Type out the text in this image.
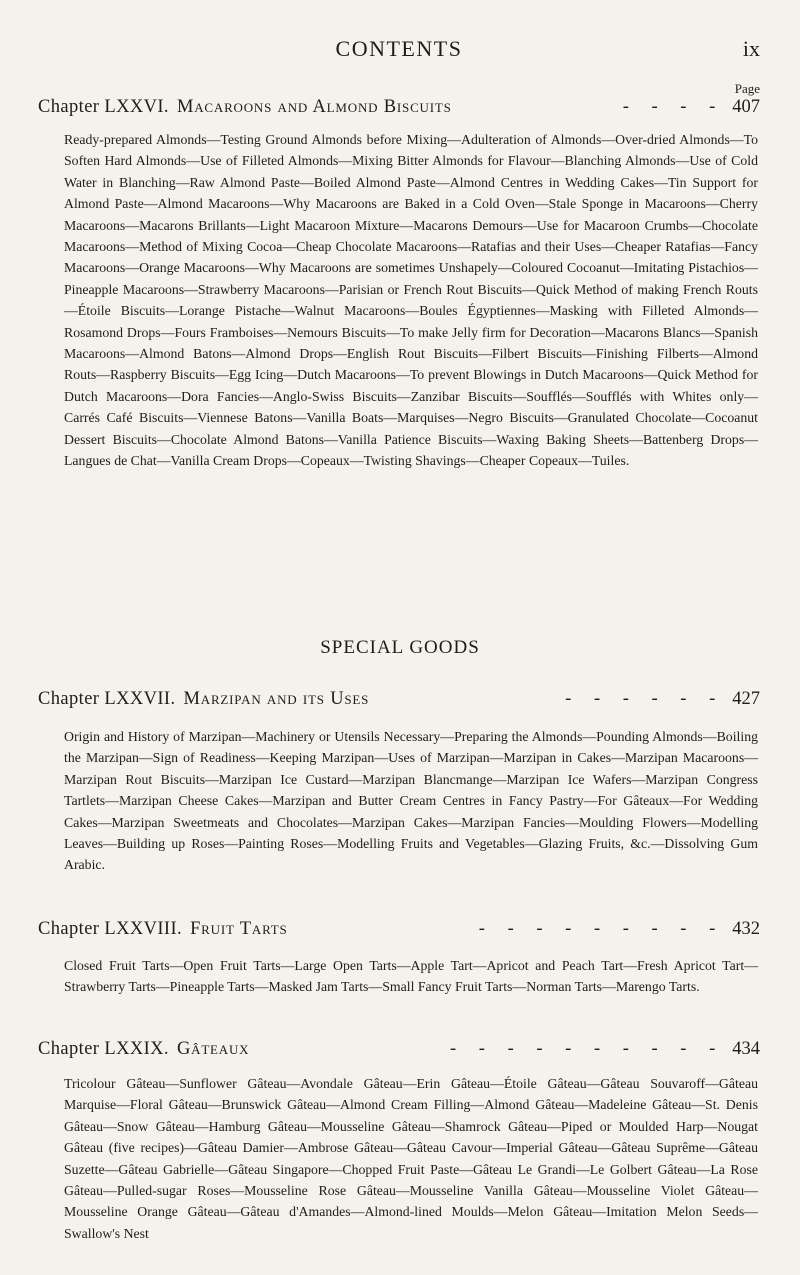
CONTENTS	ix
Page
Chapter LXXVI. Macaroons and Almond Biscuits	- - - - 407

Ready-prepared Almonds—Testing Ground Almonds before Mixing—Adulteration of Almonds—Over-dried Almonds—To Soften Hard Almonds—Use of Filleted Almonds—Mixing Bitter Almonds for Flavour—Blanching Almonds—Use of Cold Water in Blanching—Raw Almond Paste—Boiled Almond Paste—Almond Centres in Wedding Cakes—Tin Support for Almond Paste—Almond Macaroons—Why Macaroons are Baked in a Cold Oven—Stale Sponge in Macaroons—Cherry Macaroons—Macarons Brillants—Light Macaroon Mixture—Macarons Demours—Use for Macaroon Crumbs—Chocolate Macaroons—Method of Mixing Cocoa—Cheap Chocolate Macaroons—Ratafias and their Uses—Cheaper Ratafias—Fancy Macaroons—Orange Macaroons—Why Macaroons are sometimes Unshapely—Coloured Cocoanut—Imitating Pistachios—Pineapple Macaroons—Strawberry Macaroons—Parisian or French Rout Biscuits—Quick Method of making French Routs—Étoile Biscuits—Lorange Pistache—Walnut Macaroons—Boules Égyptiennes—Masking with Filleted Almonds—Rosamond Drops—Fours Framboises—Nemours Biscuits—To make Jelly firm for Decoration—Macarons Blancs—Spanish Macaroons—Almond Batons—Almond Drops—English Rout Biscuits—Filbert Biscuits—Finishing Filberts—Almond Routs—Raspberry Biscuits—Egg Icing—Dutch Macaroons—To prevent Blowings in Dutch Macaroons—Quick Method for Dutch Macaroons—Dora Fancies—Anglo-Swiss Biscuits—Zanzibar Biscuits—Soufflés—Soufflés with Whites only—Carrés Café Biscuits—Viennese Batons—Vanilla Boats—Marquises—Negro Biscuits—Granulated Chocolate—Cocoanut Dessert Biscuits—Chocolate Almond Batons—Vanilla Patience Biscuits—Waxing Baking Sheets—Battenberg Drops—Langues de Chat—Vanilla Cream Drops—Copeaux—Twisting Shavings—Cheaper Copeaux—Tuiles.

SPECIAL GOODS
Chapter LXXVII. Marzipan and its Uses	- - - - - - 427

Origin and History of Marzipan—Machinery or Utensils Necessary—Preparing the Almonds—Pounding Almonds—Boiling the Marzipan—Sign of Readiness—Keeping Marzipan—Uses of Marzipan—Marzipan in Cakes—Marzipan Macaroons—Marzipan Rout Biscuits—Marzipan Ice Custard—Marzipan Blancmange—Marzipan Ice Wafers—Marzipan Congress Tartlets—Marzipan Cheese Cakes—Marzipan and Butter Cream Centres in Fancy Pastry—For Gâteaux—For Wedding Cakes—Marzipan Sweetmeats and Chocolates—Marzipan Cakes—Marzipan Fancies—Moulding Flowers—Modelling Leaves—Building up Roses—Painting Roses—Modelling Fruits and Vegetables—Glazing Fruits, &c.—Dissolving Gum Arabic.

Chapter LXXVIII. Fruit Tarts	- - - - - - - - - 432

Closed Fruit Tarts—Open Fruit Tarts—Large Open Tarts—Apple Tart—Apricot and Peach Tart—Fresh Apricot Tart—Strawberry Tarts—Pineapple Tarts—Masked Jam Tarts—Small Fancy Fruit Tarts—Norman Tarts—Marengo Tarts.

Chapter LXXIX. Gâteaux	- - - - - - - - - - 434

Tricolour Gâteau—Sunflower Gâteau—Avondale Gâteau—Erin Gâteau—Étoile Gâteau—Gâteau Souvaroff—Gâteau Marquise—Floral Gâteau—Brunswick Gâteau—Almond Cream Filling—Almond Gâteau—Madeleine Gâteau—St. Denis Gâteau—Snow Gâteau—Hamburg Gâteau—Mousseline Gâteau—Shamrock Gâteau—Piped or Moulded Harp—Nougat Gâteau (five recipes)—Gâteau Damier—Ambrose Gâteau—Gâteau Cavour—Imperial Gâteau—Gâteau Suprême—Gâteau Suzette—Gâteau Gabrielle—Gâteau Singapore—Chopped Fruit Paste—Gâteau Le Grandi—Le Golbert Gâteau—La Rose Gâteau—Pulled-sugar Roses—Mousseline Rose Gâteau—Mousseline Vanilla Gâteau—Mousseline Violet Gâteau—Mousseline Orange Gâteau—Gâteau d'Amandes—Almond-lined Moulds—Melon Gâteau—Imitation Melon Seeds—Swallow's Nest
